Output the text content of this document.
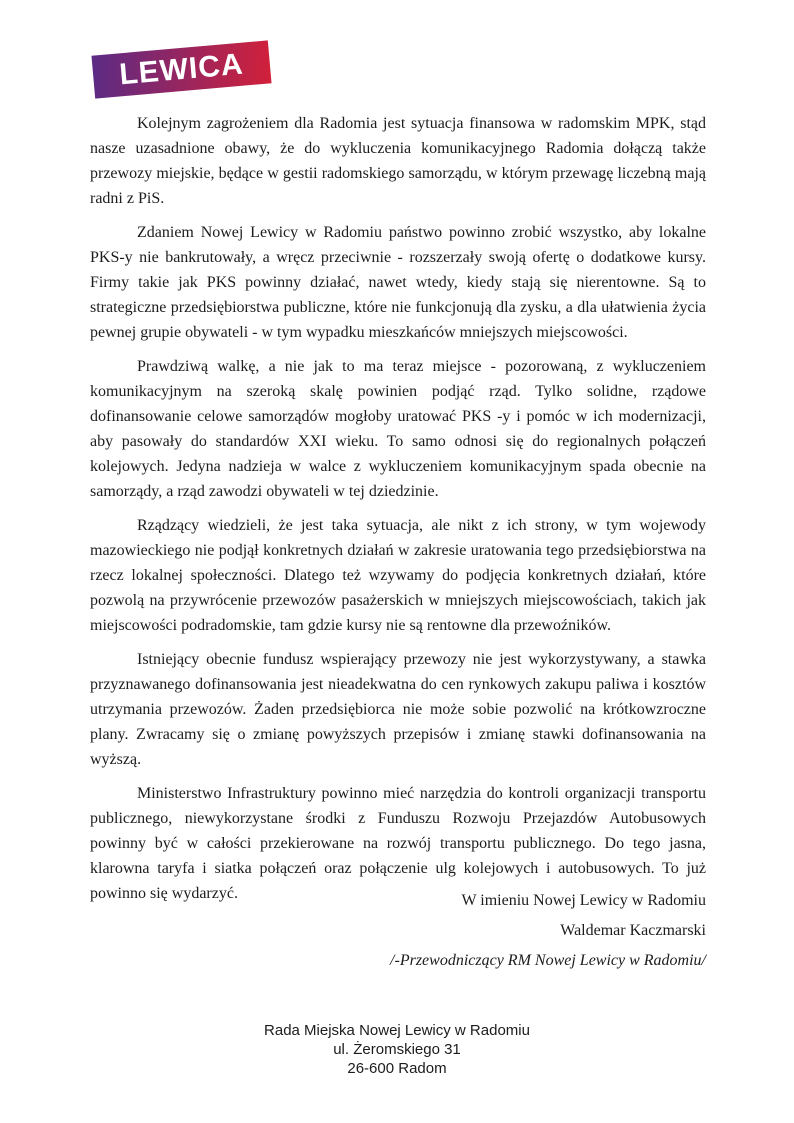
LEWICA

Kolejnym zagrożeniem dla Radomia jest sytuacja finansowa w radomskim MPK, stąd nasze uzasadnione obawy, że do wykluczenia komunikacyjnego Radomia dołączą także przewozy miejskie, będące w gestii radomskiego samorządu, w którym przewagę liczebną mają radni z PiS.

Zdaniem Nowej Lewicy w Radomiu państwo powinno zrobić wszystko, aby lokalne PKS-y nie bankrutowały, a wręcz przeciwnie - rozszerzały swoją ofertę o dodatkowe kursy. Firmy takie jak PKS powinny działać, nawet wtedy, kiedy stają się nierentowne. Są to strategiczne przedsiębiorstwa publiczne, które nie funkcjonują dla zysku, a dla ułatwienia życia pewnej grupie obywateli - w tym wypadku mieszkańców mniejszych miejscowości.

Prawdziwą walkę, a nie jak to ma teraz miejsce - pozorowaną, z wykluczeniem komunikacyjnym na szeroką skalę powinien podjąć rząd. Tylko solidne, rządowe dofinansowanie celowe samorządów mogłoby uratować PKS -y i pomóc w ich modernizacji, aby pasowały do standardów XXI wieku. To samo odnosi się do regionalnych połączeń kolejowych. Jedyna nadzieja w walce z wykluczeniem komunikacyjnym spada obecnie na samorządy, a rząd zawodzi obywateli w tej dziedzinie.

Rządzący wiedzieli, że jest taka sytuacja, ale nikt z ich strony, w tym wojewody mazowieckiego nie podjął konkretnych działań w zakresie uratowania tego przedsiębiorstwa na rzecz lokalnej społeczności. Dlatego też wzywamy do podjęcia konkretnych działań, które pozwolą na przywrócenie przewozów pasażerskich w mniejszych miejscowościach, takich jak miejscowości podradomskie, tam gdzie kursy nie są rentowne dla przewoźników.

Istniejący obecnie fundusz wspierający przewozy nie jest wykorzystywany, a stawka przyznawanego dofinansowania jest nieadekwatna do cen rynkowych zakupu paliwa i kosztów utrzymania przewozów. Żaden przedsiębiorca nie może sobie pozwolić na krótkowzroczne plany. Zwracamy się o zmianę powyższych przepisów i zmianę stawki dofinansowania na wyższą.

Ministerstwo Infrastruktury powinno mieć narzędzia do kontroli organizacji transportu publicznego, niewykorzystane środki z Funduszu Rozwoju Przejazdów Autobusowych powinny być w całości przekierowane na rozwój transportu publicznego. Do tego jasna, klarowna taryfa i siatka połączeń oraz połączenie ulg kolejowych i autobusowych. To już powinno się wydarzyć.	W imieniu Nowej Lewicy w Radomiu
Waldemar Kaczmarski
/-Przewodniczący RM Nowej Lewicy w Radomiu/
Rada Miejska Nowej Lewicy w Radomiu
ul. Żeromskiego 31
26-600 Radom
